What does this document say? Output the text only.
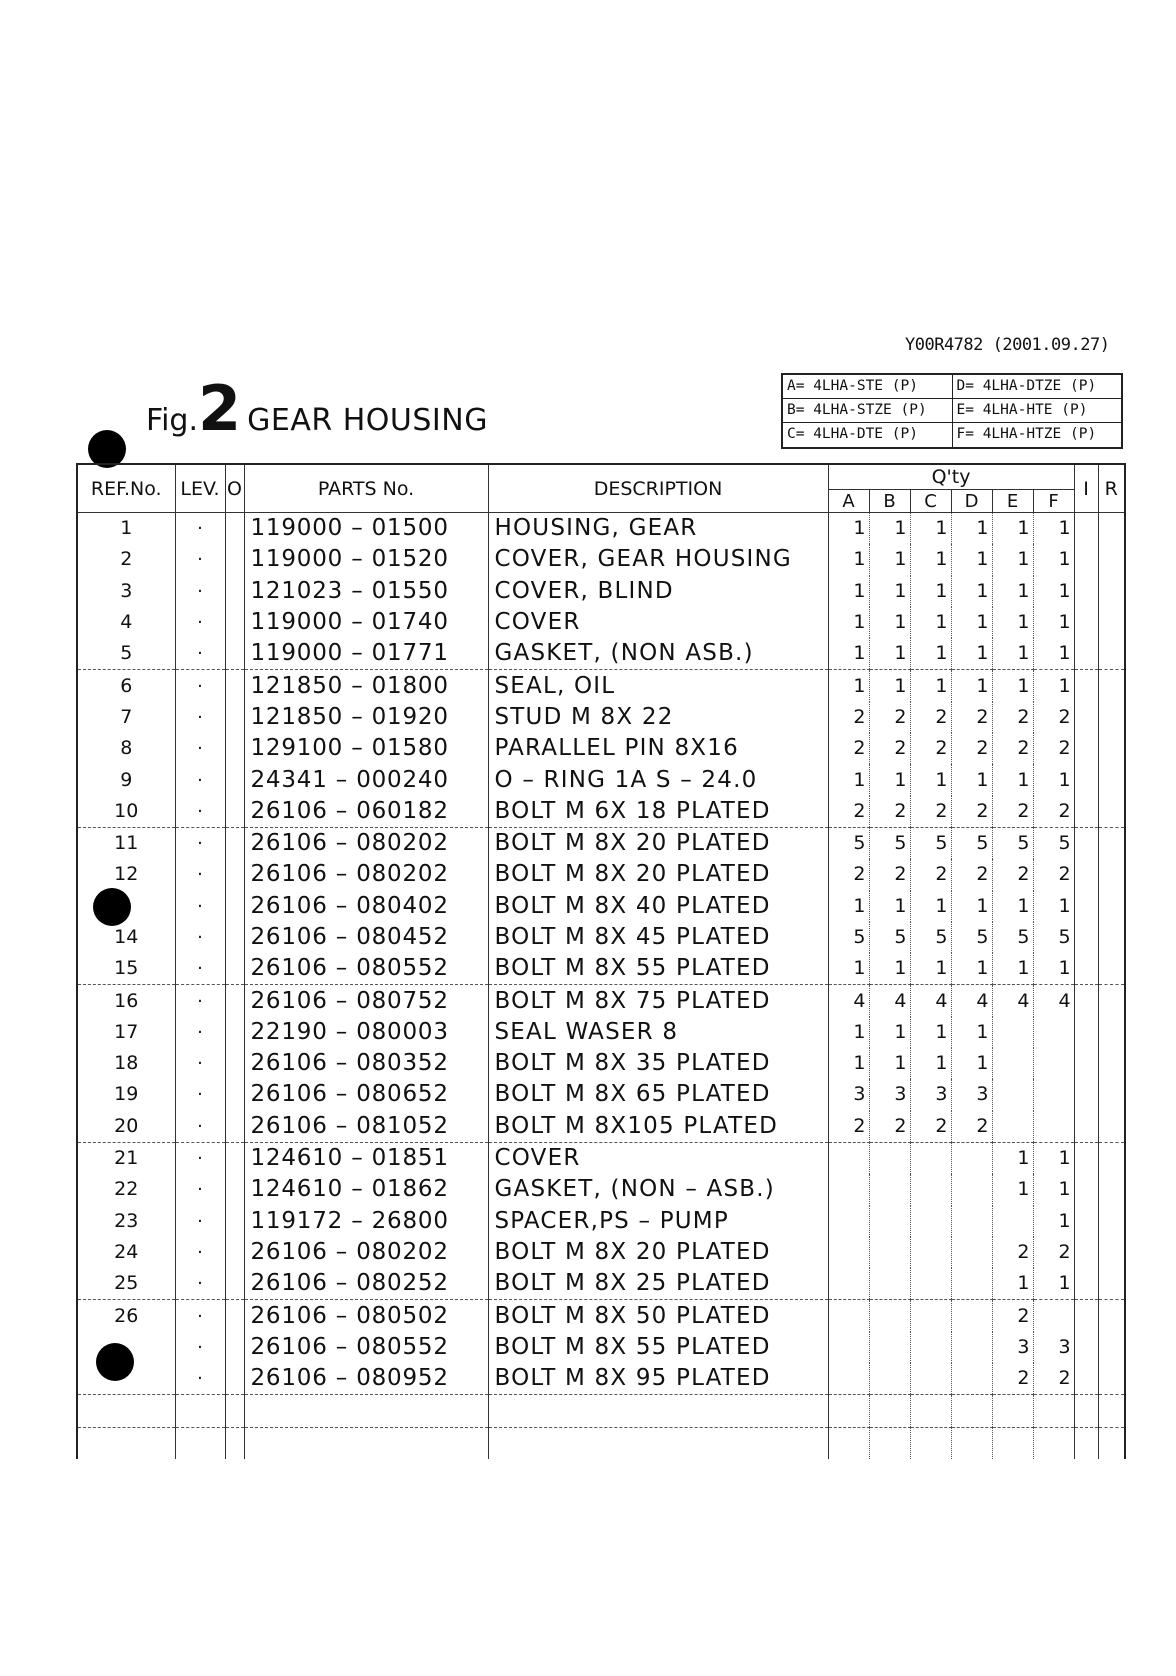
Y00R4782 (2001.09.27)
A= 4LHA-STE (P)	D= 4LHA-DTZE (P)
B= 4LHA-STZE (P)	E= 4LHA-HTE (P)
C= 4LHA-DTE (P)	F= 4LHA-HTZE (P)
Fig. 2 GEAR HOUSING
REF.No.	LEV.	O	PARTS No.	DESCRIPTION	Q'ty						I	R
					A	B	C	D	E	F		
1	·		119000 – 01500	HOUSING, GEAR	1	1	1	1	1	1		
2	·		119000 – 01520	COVER, GEAR HOUSING	1	1	1	1	1	1		
3	·		121023 – 01550	COVER, BLIND	1	1	1	1	1	1		
4	·		119000 – 01740	COVER	1	1	1	1	1	1		
5	·		119000 – 01771	GASKET, (NON ASB.)	1	1	1	1	1	1		
6	·		121850 – 01800	SEAL, OIL	1	1	1	1	1	1		
7	·		121850 – 01920	STUD M 8X 22	2	2	2	2	2	2		
8	·		129100 – 01580	PARALLEL PIN 8X16	2	2	2	2	2	2		
9	·		24341 – 000240	O – RING 1A S – 24.0	1	1	1	1	1	1		
10	·		26106 – 060182	BOLT M 6X 18 PLATED	2	2	2	2	2	2		
11	·		26106 – 080202	BOLT M 8X 20 PLATED	5	5	5	5	5	5		
12	·		26106 – 080202	BOLT M 8X 20 PLATED	2	2	2	2	2	2		
	·		26106 – 080402	BOLT M 8X 40 PLATED	1	1	1	1	1	1		
14	·		26106 – 080452	BOLT M 8X 45 PLATED	5	5	5	5	5	5		
15	·		26106 – 080552	BOLT M 8X 55 PLATED	1	1	1	1	1	1		
16	·		26106 – 080752	BOLT M 8X 75 PLATED	4	4	4	4	4	4		
17	·		22190 – 080003	SEAL WASER 8	1	1	1	1				
18	·		26106 – 080352	BOLT M 8X 35 PLATED	1	1	1	1				
19	·		26106 – 080652	BOLT M 8X 65 PLATED	3	3	3	3				
20	·		26106 – 081052	BOLT M 8X105 PLATED	2	2	2	2				
21	·		124610 – 01851	COVER					1	1		
22	·		124610 – 01862	GASKET, (NON – ASB.)					1	1		
23	·		119172 – 26800	SPACER,PS – PUMP						1		
24	·		26106 – 080202	BOLT M 8X 20 PLATED					2	2		
25	·		26106 – 080252	BOLT M 8X 25 PLATED					1	1		
26	·		26106 – 080502	BOLT M 8X 50 PLATED					2			
	·		26106 – 080552	BOLT M 8X 55 PLATED					3	3		
	·		26106 – 080952	BOLT M 8X 95 PLATED					2	2		
